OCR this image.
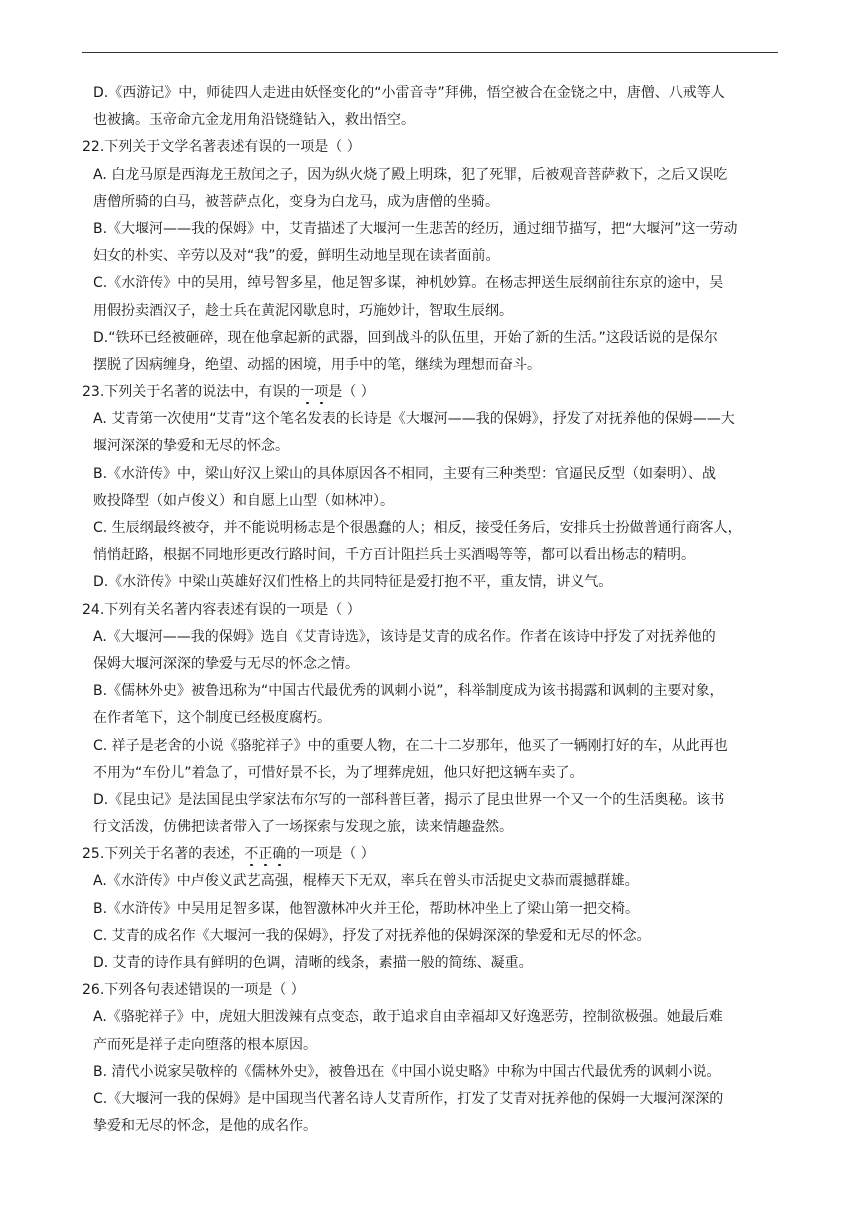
D.《西游记》中，师徒四人走进由妖怪变化的“小雷音寺”拜佛，悟空被合在金铙之中，唐僧、八戒等人
也被擒。玉帝命亢金龙用角沿铙缝钻入，救出悟空。
22.下列关于文学名著表述有误的一项是（ ）
A. 白龙马原是西海龙王敖闰之子，因为纵火烧了殿上明珠，犯了死罪，后被观音菩萨救下，之后又误吃
唐僧所骑的白马，被菩萨点化，变身为白龙马，成为唐僧的坐骑。
B.《大堰河——我的保姆》中，艾青描述了大堰河一生悲苦的经历，通过细节描写，把“大堰河”这一劳动
妇女的朴实、辛劳以及对“我”的爱，鲜明生动地呈现在读者面前。
C.《水浒传》中的吴用，绰号智多星，他足智多谋，神机妙算。在杨志押送生辰纲前往东京的途中，吴
用假扮卖酒汉子，趁士兵在黄泥冈歇息时，巧施妙计，智取生辰纲。
D.“铁环已经被砸碎，现在他拿起新的武器，回到战斗的队伍里，开始了新的生活。”这段话说的是保尔
摆脱了因病缠身，绝望、动摇的困境，用手中的笔，继续为理想而奋斗。
23.下列关于名著的说法中，有误的一项是（ ）
A. 艾青第一次使用“艾青”这个笔名发表的长诗是《大堰河——我的保姆》，抒发了对抚养他的保姆——大
堰河深深的挚爱和无尽的怀念。
B.《水浒传》中，梁山好汉上梁山的具体原因各不相同，主要有三种类型：官逼民反型（如秦明）、战
败投降型（如卢俊义）和自愿上山型（如林冲）。
C. 生辰纲最终被夺，并不能说明杨志是个很愚蠢的人；相反，接受任务后，安排兵士扮做普通行商客人，
悄悄赶路，根据不同地形更改行路时间，千方百计阻拦兵士买酒喝等等，都可以看出杨志的精明。
D.《水浒传》中梁山英雄好汉们性格上的共同特征是爱打抱不平，重友情，讲义气。
24.下列有关名著内容表述有误的一项是（ ）
A.《大堰河——我的保姆》选自《艾青诗选》，该诗是艾青的成名作。作者在该诗中抒发了对抚养他的
保姆大堰河深深的挚爱与无尽的怀念之情。
B.《儒林外史》被鲁迅称为“中国古代最优秀的讽刺小说”，科举制度成为该书揭露和讽刺的主要对象，
在作者笔下，这个制度已经极度腐朽。
C. 祥子是老舍的小说《骆驼祥子》中的重要人物，在二十二岁那年，他买了一辆刚打好的车，从此再也
不用为“车份儿”着急了，可惜好景不长，为了埋葬虎妞，他只好把这辆车卖了。
D.《昆虫记》是法国昆虫学家法布尔写的一部科普巨著，揭示了昆虫世界一个又一个的生活奥秘。该书
行文活泼，仿佛把读者带入了一场探索与发现之旅，读来情趣盎然。
25.下列关于名著的表述，不正确的一项是（ ）
A.《水浒传》中卢俊义武艺高强，棍棒天下无双，率兵在曾头市活捉史文恭而震撼群雄。
B.《水浒传》中吴用足智多谋，他智激林冲火并王伦，帮助林冲坐上了梁山第一把交椅。
C. 艾青的成名作《大堰河一我的保姆》，抒发了对抚养他的保姆深深的挚爱和无尽的怀念。
D. 艾青的诗作具有鲜明的色调，清晰的线条，素描一般的简练、凝重。
26.下列各句表述错误的一项是（ ）
A.《骆驼祥子》中，虎妞大胆泼辣有点变态，敢于追求自由幸福却又好逸恶劳，控制欲极强。她最后难
产而死是祥子走向堕落的根本原因。
B. 清代小说家吴敬梓的《儒林外史》，被鲁迅在《中国小说史略》中称为中国古代最优秀的讽刺小说。
C.《大堰河一我的保姆》是中国现当代著名诗人艾青所作，打发了艾青对抚养他的保姆一大堰河深深的
挚爱和无尽的怀念，是他的成名作。
